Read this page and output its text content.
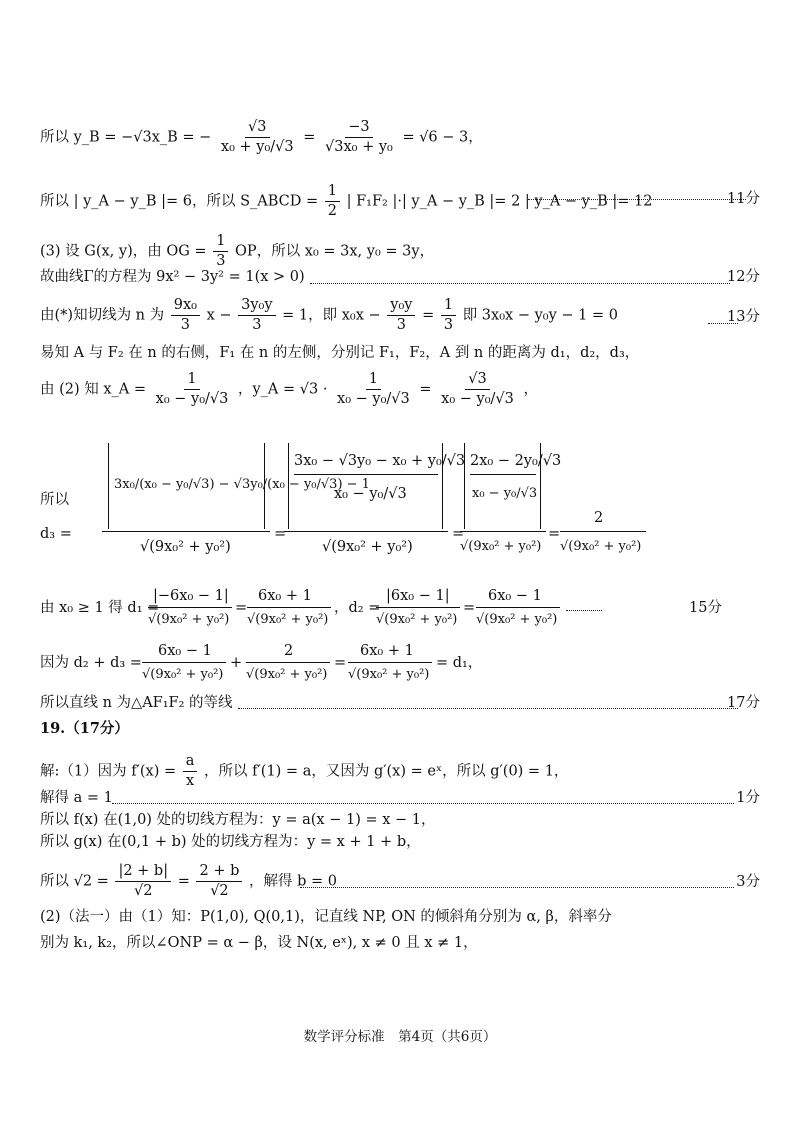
所以 y_B = −√3x_B = − $\frac{√3}{\text{x₀ + y₀/√3}} = \frac{-3}{\text{√3x₀ + y₀}} = √6 - 3$，
所以 | y_A − y_B |= 6，所以 S_ABCD = $\frac{1}{2}$ | F₁F₂ |·| y_A − y_B |= 2 | y_A − y_B |= 12	11分
(3) 设 G(x, y)，由 OG = $\frac{1}{3}$ OP，所以 x₀ = 3x, y₀ = 3y，
故曲线Γ的方程为 9x² − 3y² = 1(x > 0)	12分
由(*)知切线为 n 为 $\frac{\text{9x₀}}{3}$ $x - \frac{\text{3y₀y}}{3} = 1$，即 $x_0x - \frac{\text{y₀y}}{3} = \frac{1}{3}$ 即 3x₀x − y₀y − 1 = 0	13分
易知 A 与 F₂ 在 n 的右侧，F₁ 在 n 的左侧，分别记 F₁，F₂，A 到 n 的距离为 d₁，d₂，d₃，
由 (2) 知 x_A = $\frac{1}{\text{x₀ − y₀/√3}}$ ，y_A = $√3 \cdot \frac{1}{\text{x₀ − y₀/√3}} = \frac{√3}{\text{x₀ − y₀/√3}}$ ，
所以
d₃ =
3x₀/(x₀ − y₀/√3) − √3y₀/(x₀ − y₀/√3) − 1
√(9x₀² + y₀²)
=
3x₀ − √3y₀ − x₀ + y₀/√3
x₀ − y₀/√3
√(9x₀² + y₀²)
=
2x₀ − 2y₀/√3
x₀ − y₀/√3
√(9x₀² + y₀²)
=
2
√(9x₀² + y₀²)
由 x₀ ≥ 1 得 d₁ =
|−6x₀ − 1|
√(9x₀² + y₀²)
=
6x₀ + 1
√(9x₀² + y₀²)
，d₂ =
|6x₀ − 1|
√(9x₀² + y₀²)
=
6x₀ − 1
√(9x₀² + y₀²)
15分
因为 d₂ + d₃ =
6x₀ − 1
√(9x₀² + y₀²)
+
2
√(9x₀² + y₀²)
=
6x₀ + 1
√(9x₀² + y₀²)
= d₁，
所以直线 n 为△AF₁F₂ 的等线	17分
19.（17分）
解:（1）因为 $f'(x) = \frac{a}{x}$ ，所以 f′(1) = a，又因为 g′(x) = eˣ，所以 g′(0) = 1，
解得 a = 1	1分
所以 f(x) 在(1,0) 处的切线方程为：y = a(x − 1) = x − 1，
所以 g(x) 在(0,1 + b) 处的切线方程为：y = x + 1 + b，
所以 $√2 = \frac{|2 + b|}{√2} = \frac{2 + b}{√2}$ ，解得 b = 0	3分
(2)（法一）由（1）知：P(1,0), Q(0,1)，记直线 NP, ON 的倾斜角分别为 α, β，斜率分
别为 k₁, k₂，所以∠ONP = α − β，设 N(x, eˣ), x ≠ 0 且 x ≠ 1，
数学评分标准　第4页（共6页）
